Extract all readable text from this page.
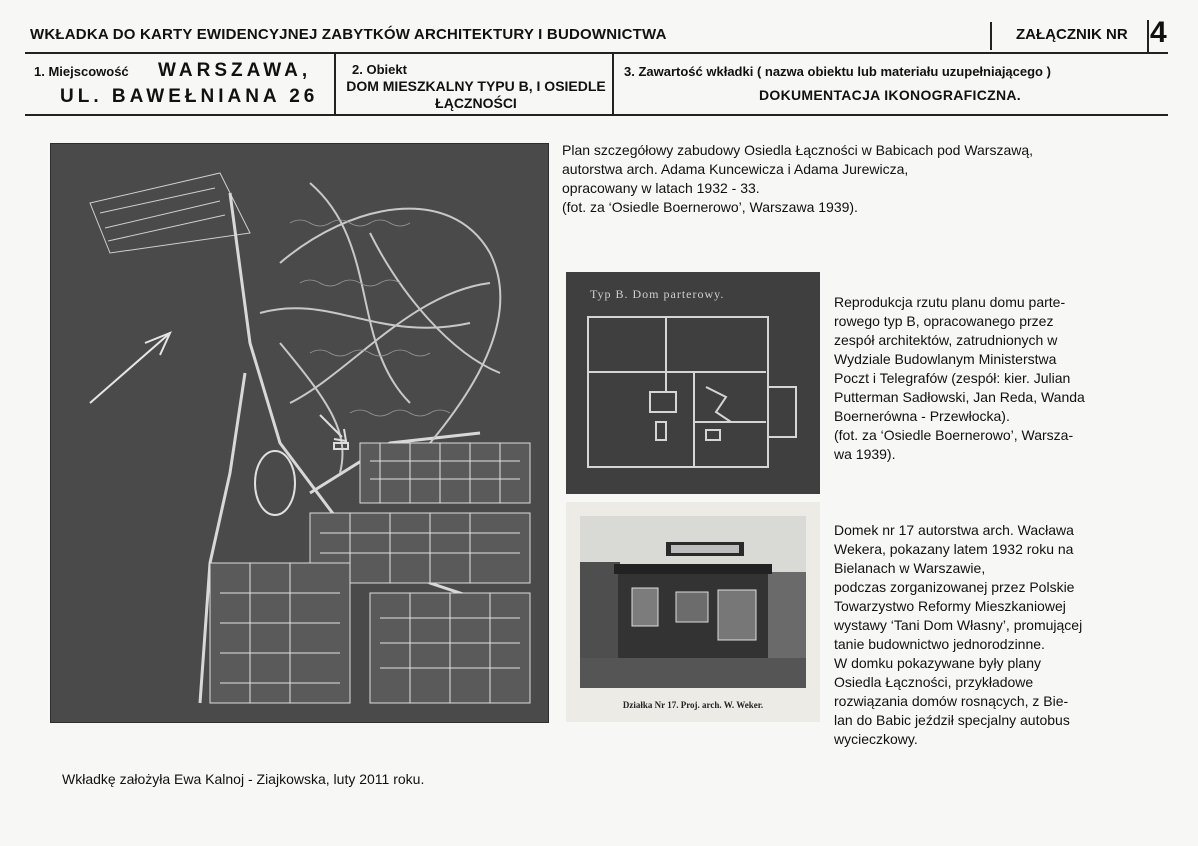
WKŁADKA DO KARTY EWIDENCYJNEJ ZABYTKÓW ARCHITEKTURY I BUDOWNICTWA	ZAŁĄCZNIK NR 4
1. Miejscowość WARSZAWA,
UL. BAWEŁNIANA 26
2. Obiekt
DOM MIESZKALNY TYPU B, I OSIEDLE ŁĄCZNOŚCI
3. Zawartość wkładki ( nazwa obiektu lub materiału uzupełniającego )
DOKUMENTACJA IKONOGRAFICZNA.
Plan szczegółowy zabudowy Osiedla Łączności w Babicach pod Warszawą,
autorstwa arch. Adama Kuncewicza i Adama Jurewicza,
opracowany w latach 1932 - 33.
(fot. za ‘Osiedle Boernerowo’, Warszawa 1939).
Typ B. Dom parterowy.	Reprodukcja rzutu planu domu parte-
rowego typ B, opracowanego przez
zespół architektów, zatrudnionych w
Wydziale Budowlanym Ministerstwa
Poczt i Telegrafów (zespół: kier. Julian
Putterman Sadłowski, Jan Reda, Wanda
Boernerówna - Przewłocka).
(fot. za ‘Osiedle Boernerowo’, Warsza-
wa 1939).
Działka Nr 17. Proj. arch. W. Weker.
Domek nr 17 autorstwa arch. Wacława
Wekera, pokazany latem 1932 roku na
Bielanach w Warszawie,
podczas zorganizowanej przez Polskie
Towarzystwo Reformy Mieszkaniowej
wystawy ‘Tani Dom Własny’, promującej
tanie budownictwo jednorodzinne.
W domku pokazywane były plany
Osiedla Łączności, przykładowe
rozwiązania domów rosnących, z Bie-
lan do Babic jeździł specjalny autobus
wycieczkowy.
Wkładkę założyła Ewa Kalnoj - Ziajkowska, luty 2011 roku.
